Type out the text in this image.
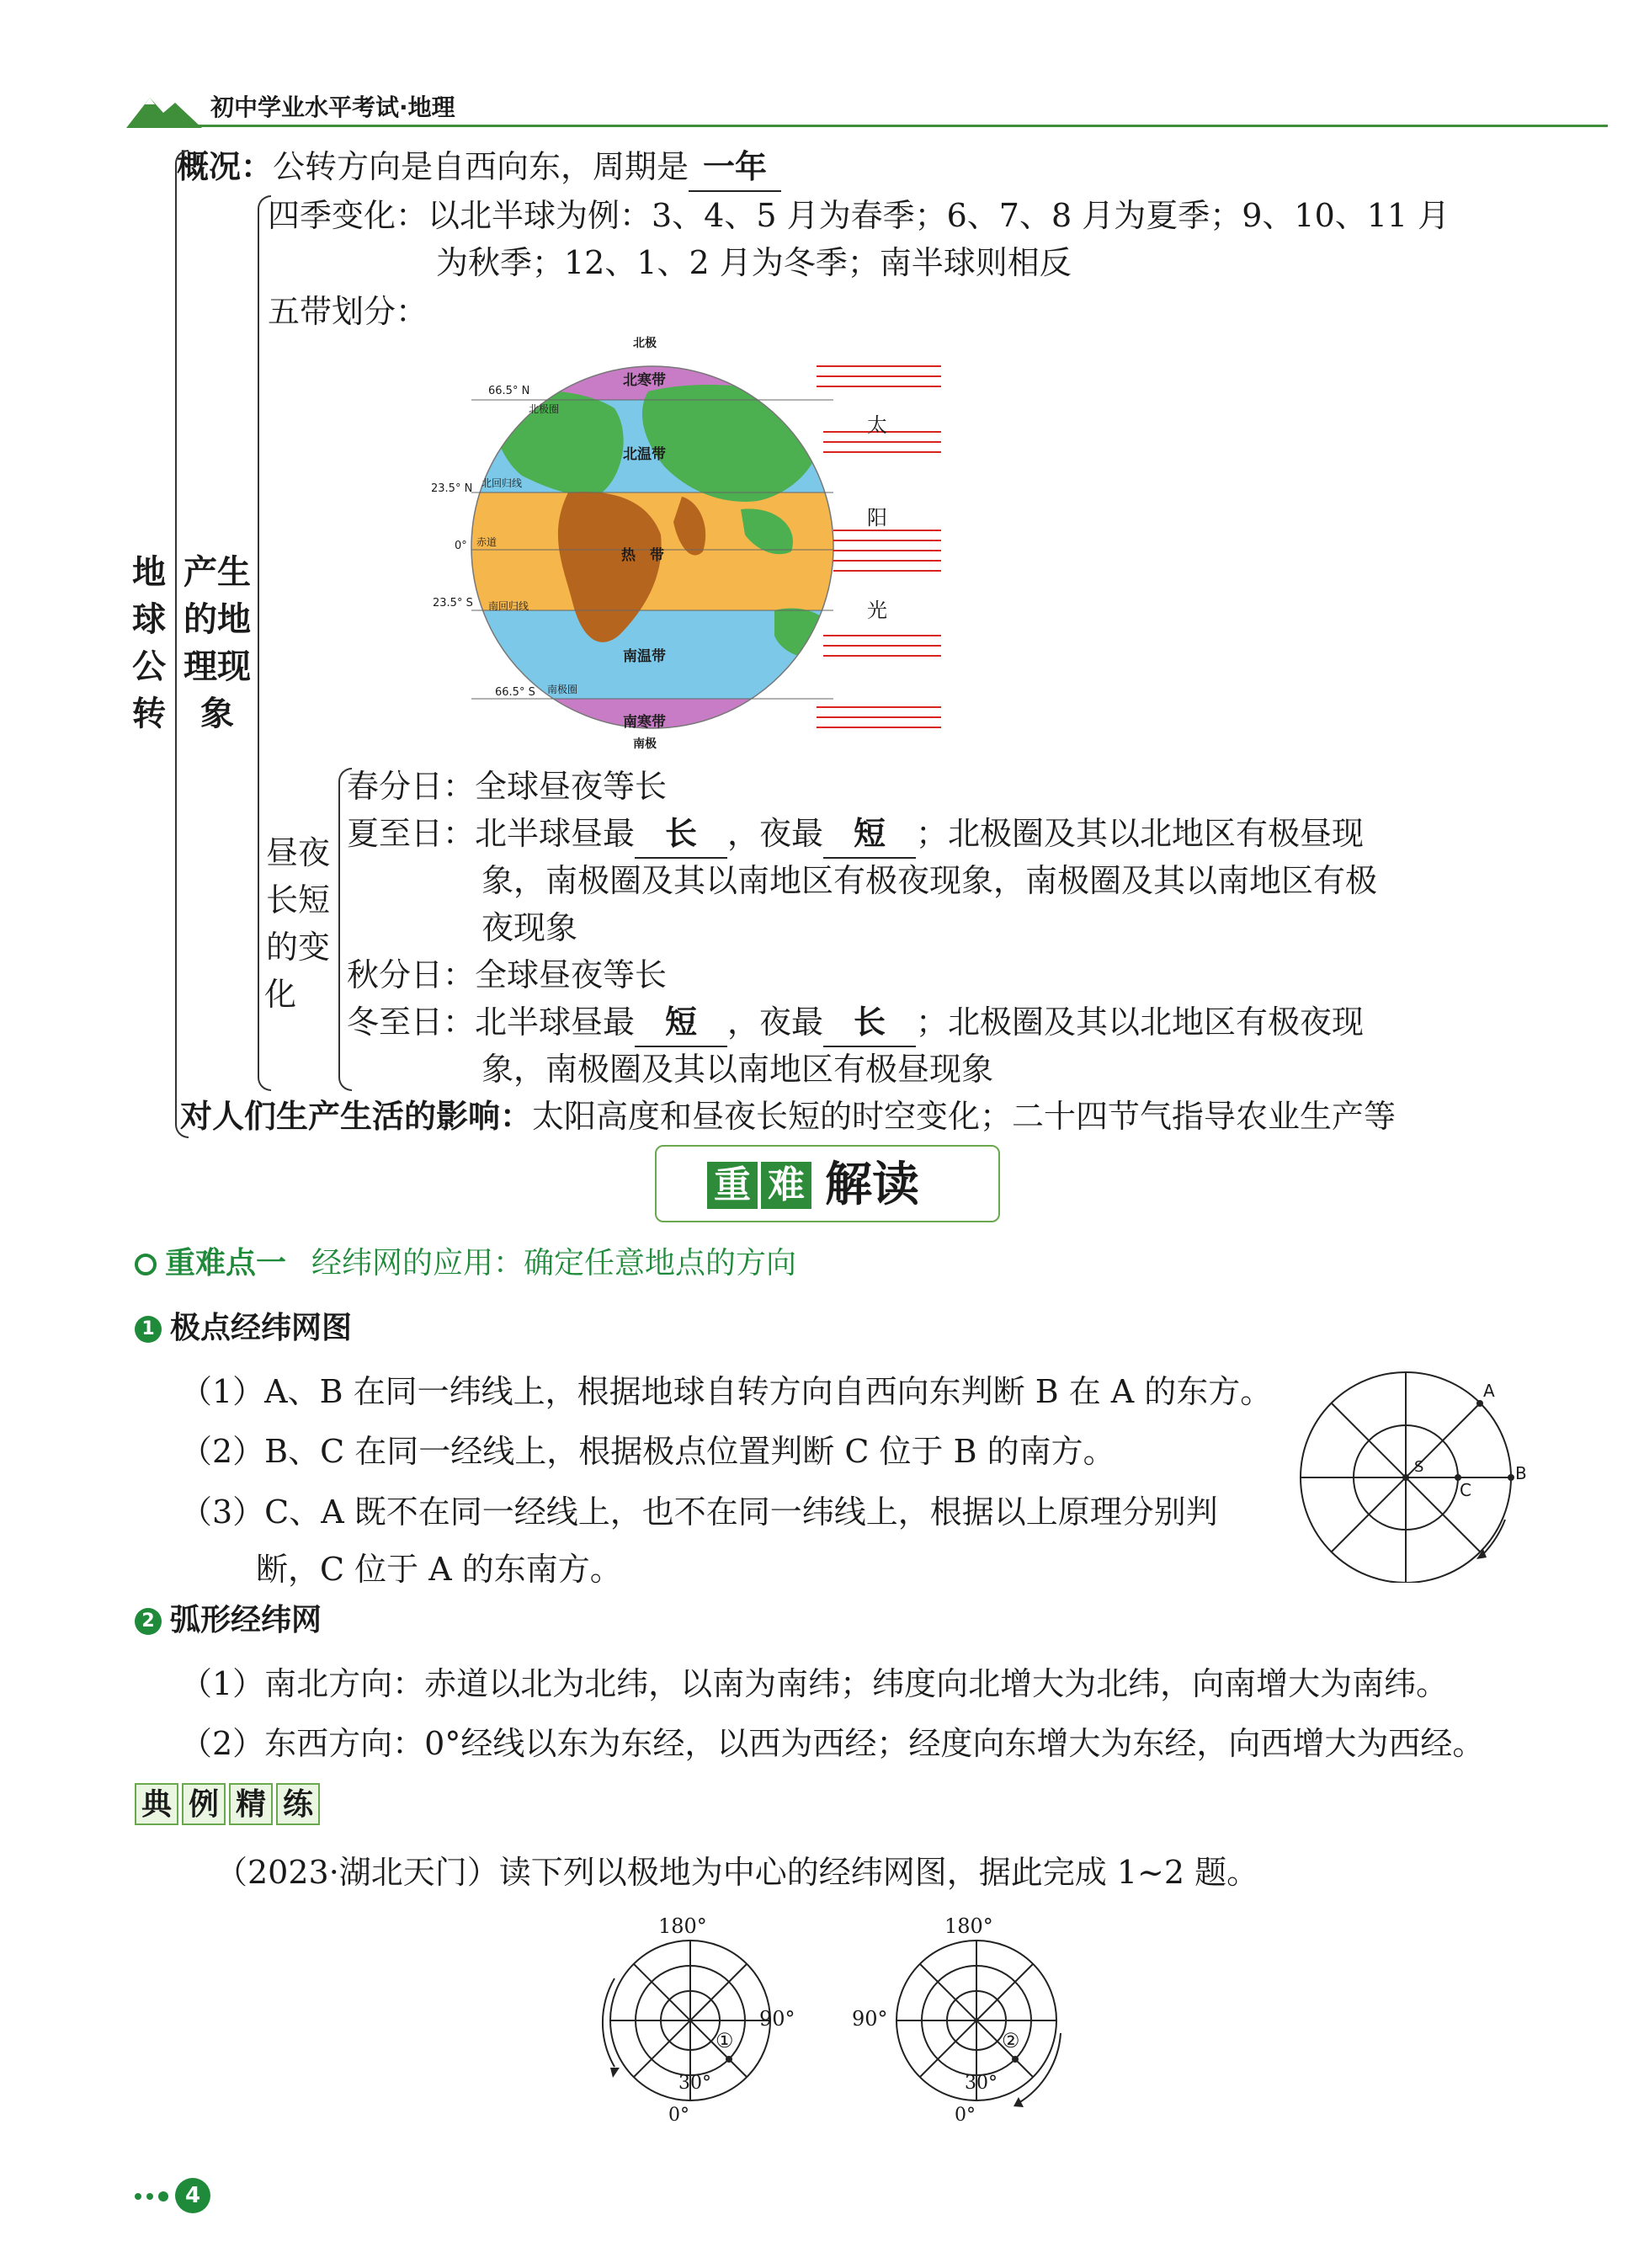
初中学业水平考试·地理
概况：公转方向是自西向东，周期是 一年
地
球
公
转
产生
的地
理现
象
四季变化：以北半球为例：3、4、5 月为春季；6、7、8 月为夏季；9、10、11 月
为秋季；12、1、2 月为冬季；南半球则相反
五带划分：
北极
南极
66.5° N
23.5° N
0°
23.5° S
66.5° S
北极圈
北回归线
赤道
南回归线
南极圈
北寒带
北温带
热　带
南温带
南寒带
太
阳
光
昼夜
长短
的变
化
春分日：全球昼夜等长
夏至日：北半球昼最 长 ，夜最 短 ；北极圈及其以北地区有极昼现
象，南极圈及其以南地区有极夜现象，南极圈及其以南地区有极
夜现象
秋分日：全球昼夜等长
冬至日：北半球昼最 短 ，夜最 长 ；北极圈及其以北地区有极夜现
象，南极圈及其以南地区有极昼现象
对人们生产生活的影响：太阳高度和昼夜长短的时空变化；二十四节气指导农业生产等
重 难 解读
重难点一 经纬网的应用：确定任意地点的方向
1 极点经纬网图
（1）A、B 在同一纬线上，根据地球自转方向自西向东判断 B 在 A 的东方。
（2）B、C 在同一经线上，根据极点位置判断 C 位于 B 的南方。
（3）C、A 既不在同一经线上，也不在同一纬线上，根据以上原理分别判
断，C 位于 A 的东南方。
A
B
C
S
2 弧形经纬网
（1）南北方向：赤道以北为北纬，以南为南纬；纬度向北增大为北纬，向南增大为南纬。
（2）东西方向：0°经线以东为东经，以西为西经；经度向东增大为东经，向西增大为西经。
典 例 精 练
（2023·湖北天门）读下列以极地为中心的经纬网图，据此完成 1~2 题。
180°
90°
30°
0°
①
180°
90°
30°
0°
②
4
